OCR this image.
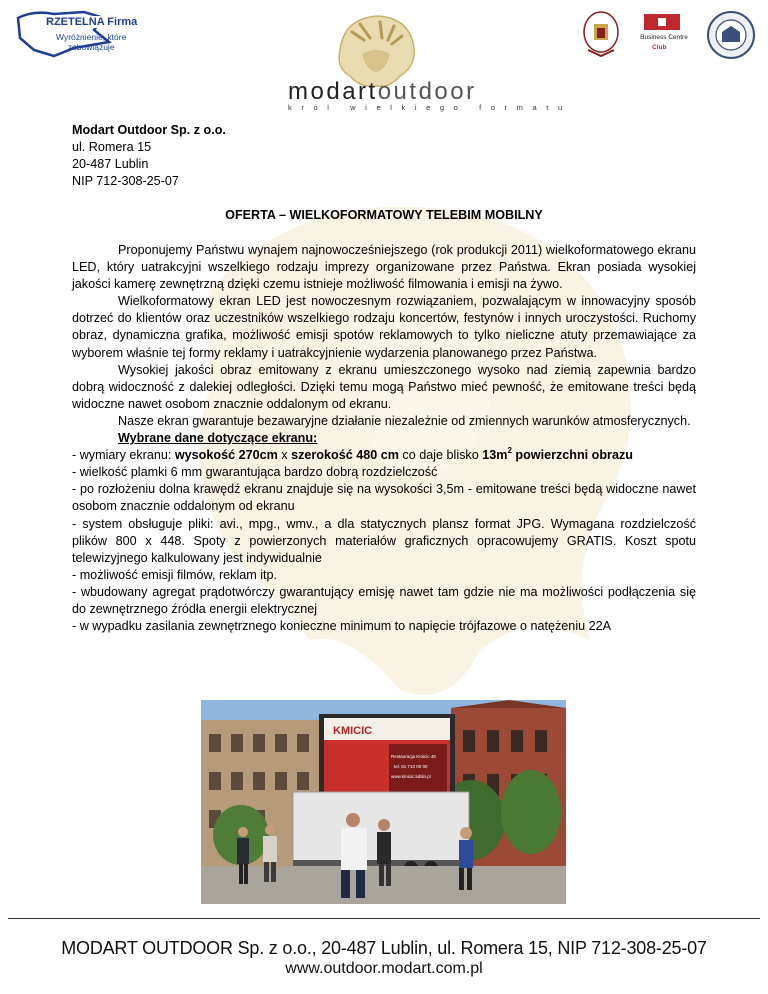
RZETELNA Firma
Wyróżnienie, które
zobowiązuje
modartoutdoor
król wielkiego formatu
Business Centre
Club
Modart Outdoor Sp. z o.o.
ul. Romera 15
20-487 Lublin
NIP 712-308-25-07
OFERTA – WIELKOFORMATOWY TELEBIM MOBILNY

Proponujemy Państwu wynajem najnowocześniejszego (rok produkcji 2011) wielkoformatowego ekranu LED, który uatrakcyjni wszelkiego rodzaju imprezy organizowane przez Państwa. Ekran posiada wysokiej jakości kamerę zewnętrzną dzięki czemu istnieje możliwość filmowania i emisji na żywo.

Wielkoformatowy ekran LED jest nowoczesnym rozwiązaniem, pozwalającym w innowacyjny sposób dotrzeć do klientów oraz uczestników wszelkiego rodzaju koncertów, festynów i innych uroczystości. Ruchomy obraz, dynamiczna grafika, możliwość emisji spotów reklamowych to tylko nieliczne atuty przemawiające za wyborem właśnie tej formy reklamy i uatrakcyjnienie wydarzenia planowanego przez Państwa.

Wysokiej jakości obraz emitowany z ekranu umieszczonego wysoko nad ziemią zapewnia bardzo dobrą widoczność z dalekiej odległości. Dzięki temu mogą Państwo mieć pewność, że emitowane treści będą widoczne nawet osobom znacznie oddalonym od ekranu.

Nasze ekran gwarantuje bezawaryjne działanie niezależnie od zmiennych warunków atmosferycznych.

Wybrane dane dotyczące ekranu:

- wymiary ekranu: wysokość 270cm x szerokość 480 cm co daje blisko $13m^2$ powierzchni obrazu

- wielkość plamki 6 mm gwarantująca bardzo dobrą rozdzielczość

- po rozłożeniu dolna krawędź ekranu znajduje się na wysokości 3,5m - emitowane treści będą widoczne nawet osobom znacznie oddalonym od ekranu

- system obsługuje pliki: avi., mpg., wmv., a dla statycznych plansz format JPG. Wymagana rozdzielczość plików 800 x 448. Spoty z powierzonych materiałów graficznych opracowujemy GRATIS. Koszt spotu telewizyjnego kalkulowany jest indywidualnie

- możliwość emisji filmów, reklam itp.

- wbudowany agregat prądotwórczy gwarantujący emisję nawet tam gdzie nie ma możliwości podłączenia się do zewnętrznego źródła energii elektrycznej

- w wypadku zasilania zewnętrznego konieczne minimum to napięcie trójfazowe o natężeniu 22A

KMICIC
Restauracja Kmicic 48
tel. 81 710 00 00
www.kmicic.lublin.pl
MODART OUTDOOR Sp. z o.o., 20-487 Lublin, ul. Romera 15, NIP 712-308-25-07
www.outdoor.modart.com.pl
